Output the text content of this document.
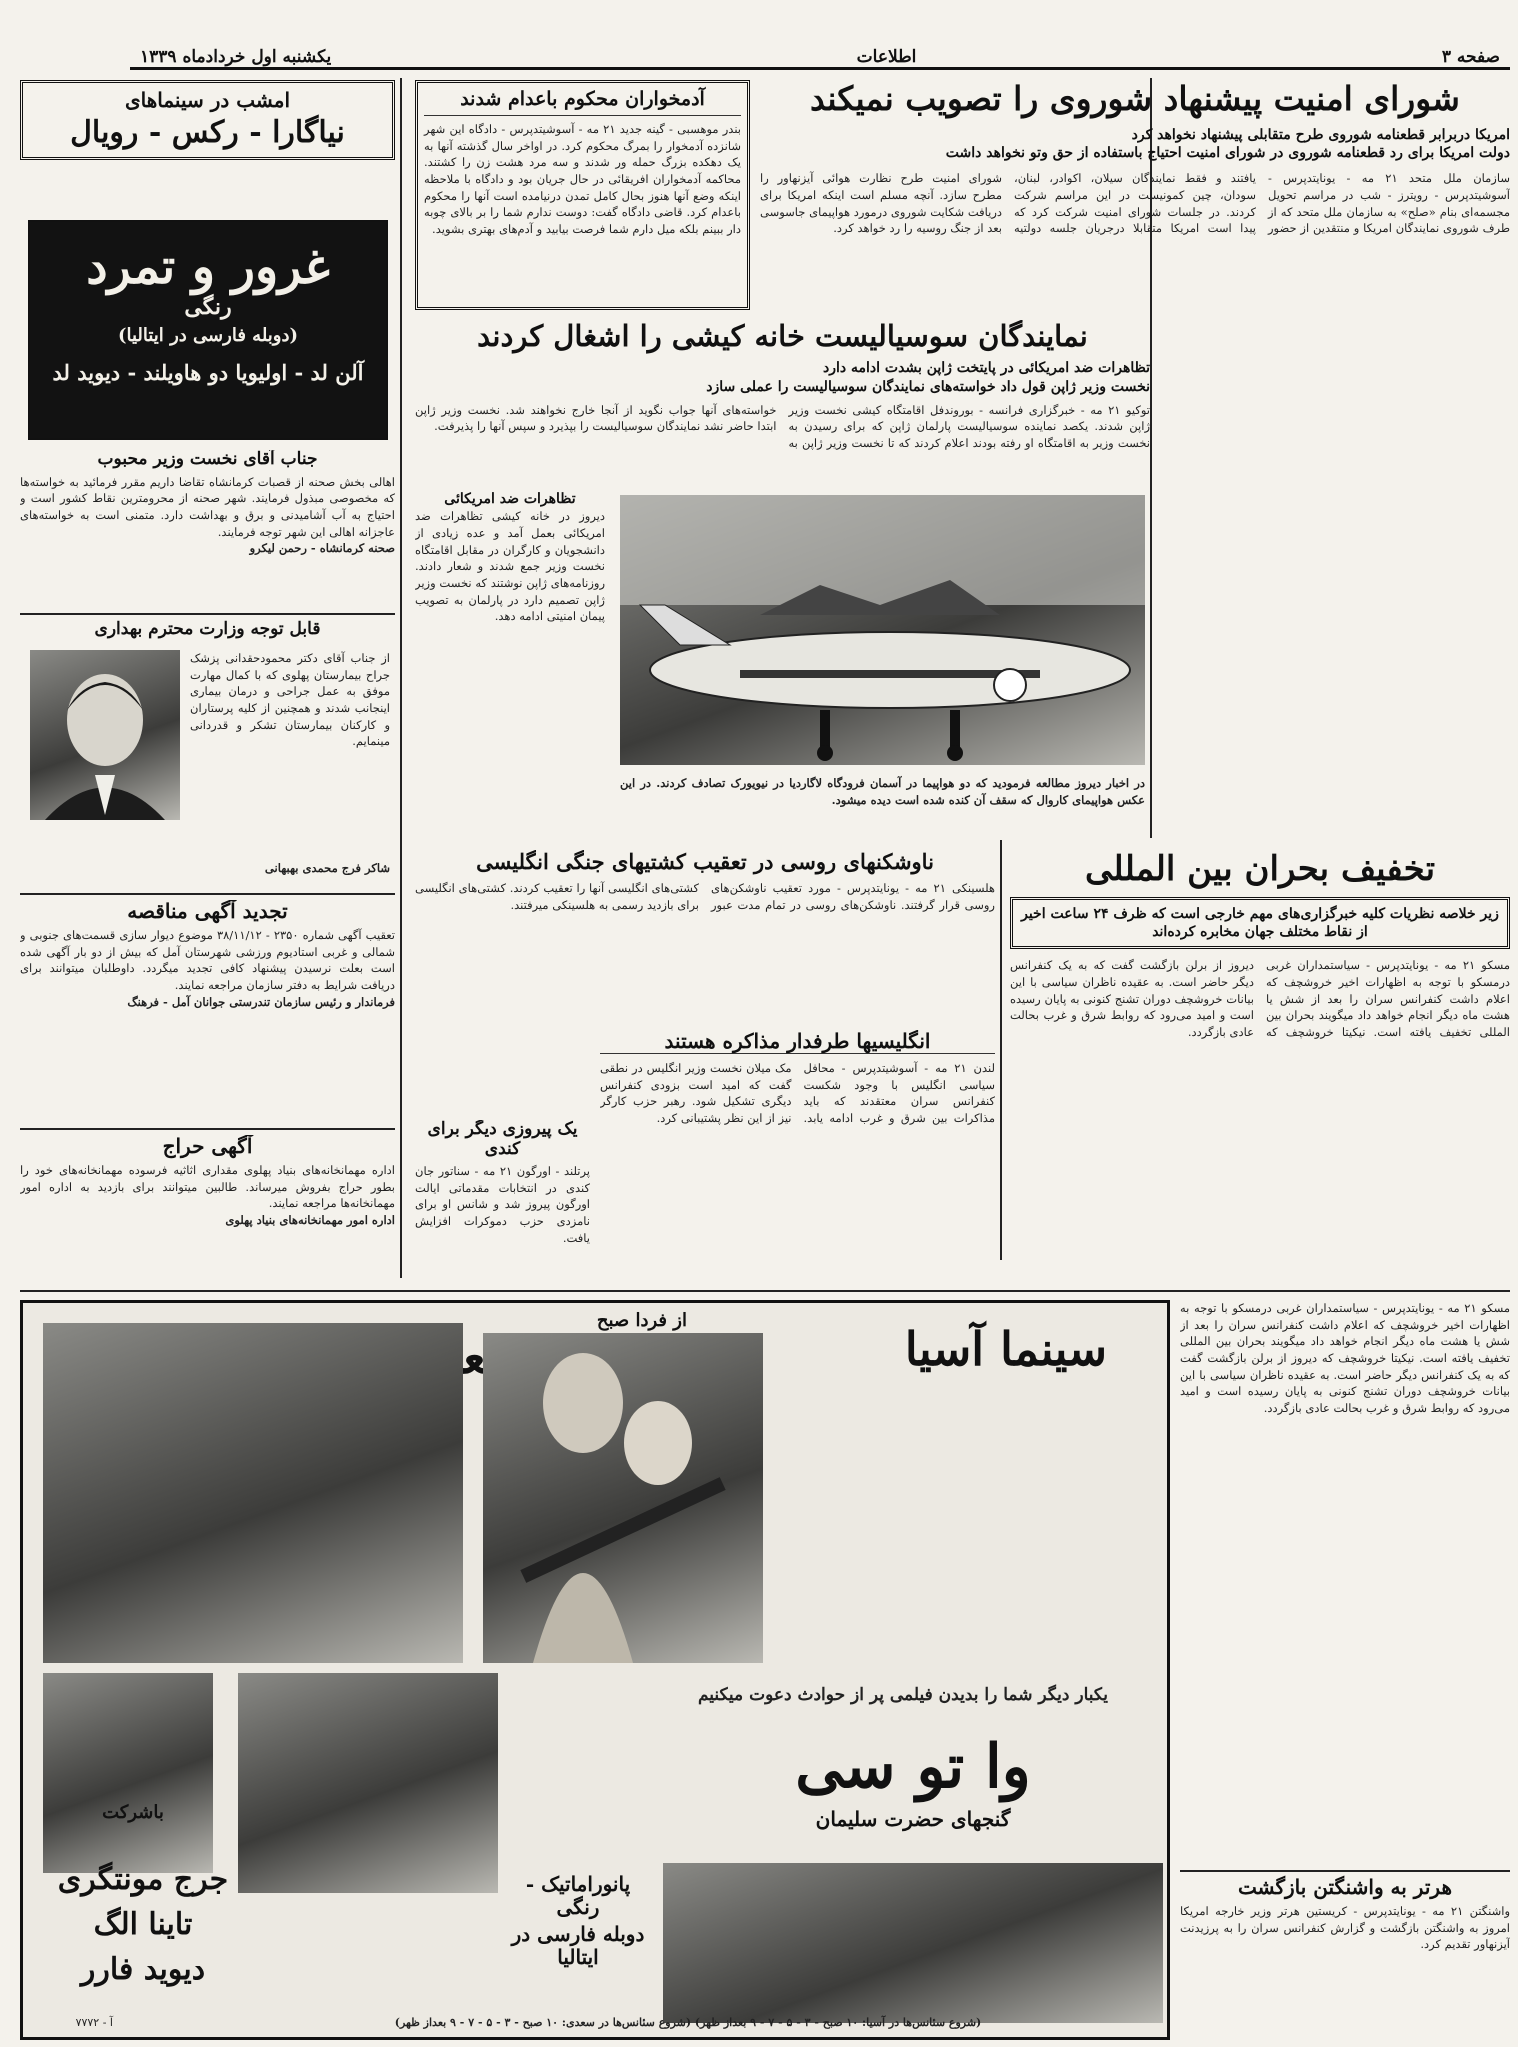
صفحه ۳
اطلاعات
یکشنبه اول خردادماه ۱۳۳۹
شورای امنیت پیشنهاد شوروی را تصویب نمیکند
امریکا دربرابر قطعنامه شوروی طرح متقابلی پیشنهاد نخواهد کرد
دولت امریکا برای رد قطعنامه شوروی در شورای امنیت احتیاج باستفاده از حق وتو نخواهد داشت
سازمان ملل متحد ۲۱ مه - یونایتدپرس - آسوشیتدپرس - رویترز - شب در مراسم تحویل مجسمه‌ای بنام «صلح» به سازمان ملل متحد که از طرف شوروی نمایندگان امریکا و منتقدین از حضور یافتند و فقط نمایندگان سیلان، اکوادر، لبنان، سودان، چین کمونیست در این مراسم شرکت کردند. در جلسات شورای امنیت شرکت کرد که پیدا است امریکا متقابلا درجریان جلسه دولتیه شورای امنیت طرح نظارت هوائی آیزنهاور را مطرح سازد. آنچه مسلم است اینکه امریکا برای دریافت شکایت شوروی درمورد هواپیمای جاسوسی بعد از جنگ روسیه را رد خواهد کرد.
آدمخواران محکوم باعدام شدند
بندر موهسبی - گینه جدید ۲۱ مه - آسوشیتدپرس - دادگاه این شهر شانزده آدمخوار را بمرگ محکوم کرد. در اواخر سال گذشته آنها به یک دهکده بزرگ حمله ور شدند و سه مرد هشت زن را کشتند. محاکمه آدمخواران افریقائی در حال جریان بود و دادگاه با ملاحظه اینکه وضع آنها هنوز بحال کامل تمدن درنیامده است آنها را محکوم باعدام کرد. قاضی دادگاه گفت: دوست ندارم شما را بر بالای چوبه دار ببینم بلکه میل دارم شما فرصت بیابید و آدم‌های بهتری بشوید.
امشب در سینماهای
نیاگارا - رکس - رویال
غرور و تمرد
رنگی
(دوبله فارسی در ایتالیا)
آلن لد - اولیویا دو هاویلند - دیوید لد
نمایندگان سوسیالیست خانه کیشی را اشغال کردند
تظاهرات ضد امریکائی در پایتخت ژاپن بشدت ادامه دارد
نخست وزیر ژاپن قول داد خواسته‌های نمایندگان سوسیالیست را عملی سازد
توکیو ۲۱ مه - خبرگزاری فرانسه - بوروندفل اقامتگاه کیشی نخست وزیر ژاپن شدند. یکصد نماینده سوسیالیست پارلمان ژاپن که برای رسیدن به نخست وزیر به اقامتگاه او رفته بودند اعلام کردند که تا نخست وزیر ژاپن به خواسته‌های آنها جواب نگوید از آنجا خارج نخواهند شد. نخست وزیر ژاپن ابتدا حاضر نشد نمایندگان سوسیالیست را بپذیرد و سپس آنها را پذیرفت.
تظاهرات ضد امریکائی
دیروز در خانه کیشی تظاهرات ضد امریکائی بعمل آمد و عده زیادی از دانشجویان و کارگران در مقابل اقامتگاه نخست وزیر جمع شدند و شعار دادند. روزنامه‌های ژاپن نوشتند که نخست وزیر ژاپن تصمیم دارد در پارلمان به تصویب پیمان امنیتی ادامه دهد.
در اخبار دیروز مطالعه فرمودید که دو هواپیما در آسمان فرودگاه لاگاردیا در نیویورک تصادف کردند. در این عکس هواپیمای کاروال که سقف آن کنده شده است دیده میشود.
جناب آقای نخست وزیر محبوب
اهالی بخش صحنه از قصبات کرمانشاه تقاضا داریم مقرر فرمائید به خواسته‌ها که مخصوصی مبذول فرمایند. شهر صحنه از محرومترین نقاط کشور است و احتیاج به آب آشامیدنی و برق و بهداشت دارد. متمنی است به خواسته‌های عاجزانه اهالی این شهر توجه فرمایند.
صحنه کرمانشاه - رحمن لیکرو
قابل توجه وزارت محترم بهداری
از جناب آقای دکتر محمودحقدانی پزشک جراح بیمارستان پهلوی که با کمال مهارت موفق به عمل جراحی و درمان بیماری اینجانب شدند و همچنین از کلیه پرستاران و کارکنان بیمارستان تشکر و قدردانی مینمایم.
شاکر فرج محمدی بهبهانی
تجدید آگهی مناقصه
تعقیب آگهی شماره ۲۳۵۰ - ۳۸/۱۱/۱۲ موضوع دیوار سازی قسمت‌های جنوبی و شمالی و غربی استادیوم ورزشی شهرستان آمل که بیش از دو بار آگهی شده است بعلت نرسیدن پیشنهاد کافی تجدید میگردد. داوطلبان میتوانند برای دریافت شرایط به دفتر سازمان مراجعه نمایند.
فرماندار و رئیس سازمان تندرستی جوانان آمل - فرهنگ
آگهی حراج
اداره مهمانخانه‌های بنیاد پهلوی مقداری اثاثیه فرسوده مهمانخانه‌های خود را بطور حراج بفروش میرساند. طالبین میتوانند برای بازدید به اداره امور مهمانخانه‌ها مراجعه نمایند.
اداره امور مهمانخانه‌های بنیاد پهلوی
تخفیف بحران بین المللی
زیر خلاصه نظریات کلیه خبرگزاری‌های مهم خارجی است که ظرف ۲۴ ساعت اخیر از نقاط مختلف جهان مخابره کرده‌اند
مسکو ۲۱ مه - یونایتدپرس - سیاستمداران غربی درمسکو با توجه به اظهارات اخیر خروشچف که اعلام داشت کنفرانس سران را بعد از شش یا هشت ماه دیگر انجام خواهد داد میگویند بحران بین المللی تخفیف یافته است. نیکیتا خروشچف که دیروز از برلن بازگشت گفت که به یک کنفرانس دیگر حاضر است. به عقیده ناظران سیاسی با این بیانات خروشچف دوران تشنج کنونی به پایان رسیده است و امید می‌رود که روابط شرق و غرب بحالت عادی بازگردد.
ناوشکنهای روسی در تعقیب کشتیهای جنگی انگلیسی
هلسینکی ۲۱ مه - یونایتدپرس - مورد تعقیب ناوشکن‌های روسی قرار گرفتند. ناوشکن‌های روسی در تمام مدت عبور کشتی‌های انگلیسی آنها را تعقیب کردند. کشتی‌های انگلیسی برای بازدید رسمی به هلسینکی میرفتند.
انگلیسیها طرفدار مذاکره هستند
لندن ۲۱ مه - آسوشیتدپرس - محافل سیاسی انگلیس با وجود شکست کنفرانس سران معتقدند که باید مذاکرات بین شرق و غرب ادامه یابد. مک میلان نخست وزیر انگلیس در نطقی گفت که امید است بزودی کنفرانس دیگری تشکیل شود. رهبر حزب کارگر نیز از این نظر پشتیبانی کرد.
یک پیروزی دیگر برای کندی
پرتلند - اورگون ۲۱ مه - سناتور جان کندی در انتخابات مقدماتی ایالت اورگون پیروز شد و شانس او برای نامزدی حزب دموکرات افزایش یافت.
سینما آسیا
از فردا صبح
سعدی
یکبار دیگر شما را بدیدن فیلمی پر از حوادث دعوت میکنیم
وا تو سی
گنجهای حضرت سلیمان
پانوراماتیک - رنگی
دوبله فارسی در ایتالیا
باشرکت
جرج مونتگری
تاینا الگ
دیوید فارر
(شروع سئانس‌ها در آسیا: ۱۰ صبح - ۳ - ۵ - ۷ - ۹ بعداز ظهر) (شروع سئانس‌ها در سعدی: ۱۰ صبح - ۳ - ۵ - ۷ - ۹ بعداز ظهر)
آ - ۷۷۷۲
مسکو ۲۱ مه - یونایتدپرس - سیاستمداران غربی درمسکو با توجه به اظهارات اخیر خروشچف که اعلام داشت کنفرانس سران را بعد از شش یا هشت ماه دیگر انجام خواهد داد میگویند بحران بین المللی تخفیف یافته است. نیکیتا خروشچف که دیروز از برلن بازگشت گفت که به یک کنفرانس دیگر حاضر است. به عقیده ناظران سیاسی با این بیانات خروشچف دوران تشنج کنونی به پایان رسیده است و امید می‌رود که روابط شرق و غرب بحالت عادی بازگردد.
هرتر به واشنگتن بازگشت
واشنگتن ۲۱ مه - یونایتدپرس - کریستین هرتر وزیر خارجه امریکا امروز به واشنگتن بازگشت و گزارش کنفرانس سران را به پرزیدنت آیزنهاور تقدیم کرد.
